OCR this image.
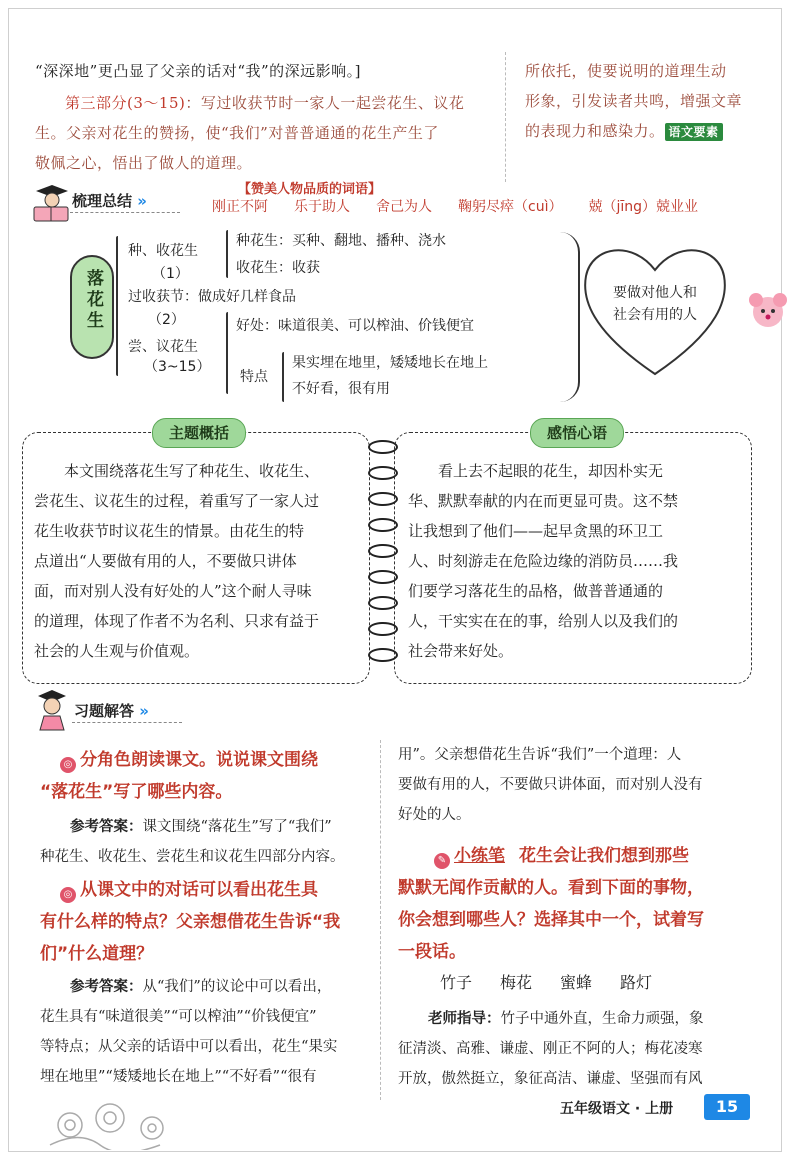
“深深地”更凸显了父亲的话对“我”的深远影响。]
第三部分(3～15)：写过收获节时一家人一起尝花生、议花
生。父亲对花生的赞扬，使“我们”对普普通通的花生产生了
敬佩之心，悟出了做人的道理。
所依托，使要说明的道理生动
形象，引发读者共鸣，增强文章
的表现力和感染力。 语文要素
梳理总结 »
【赞美人物品质的词语】
刚正不阿 乐于助人 舍己为人 鞠躬尽瘁（cuì） 兢（jīng）兢业业
落花生
种、收花生
（1）
种花生：买种、翻地、播种、浇水
收花生：收获
过收获节：做成好几样食品
（2）
尝、议花生
（3~15）
好处：味道很美、可以榨油、价钱便宜
特点
果实埋在地里，矮矮地长在地上
不好看，很有用
要做对他人和社会有用的人
主题概括	感悟心语
本文围绕落花生写了种花生、收花生、
尝花生、议花生的过程，着重写了一家人过
花生收获节时议花生的情景。由花生的特
点道出“人要做有用的人，不要做只讲体
面，而对别人没有好处的人”这个耐人寻味
的道理，体现了作者不为名利、只求有益于
社会的人生观与价值观。
看上去不起眼的花生，却因朴实无
华、默默奉献的内在而更显可贵。这不禁
让我想到了他们——起早贪黑的环卫工
人、时刻游走在危险边缘的消防员……我
们要学习落花生的品格，做普普通通的
人，干实实在在的事，给别人以及我们的
社会带来好处。
习题解答 »
◎ 分角色朗读课文。说说课文围绕
“落花生”写了哪些内容。
参考答案：课文围绕“落花生”写了“我们”
种花生、收花生、尝花生和议花生四部分内容。
◎ 从课文中的对话可以看出花生具
有什么样的特点？父亲想借花生告诉“我
们”什么道理？
参考答案：从“我们”的议论中可以看出，
花生具有“味道很美”“可以榨油”“价钱便宜”
等特点；从父亲的话语中可以看出，花生“果实
埋在地里”“矮矮地长在地上”“不好看”“很有
用”。父亲想借花生告诉“我们”一个道理：人
要做有用的人，不要做只讲体面，而对别人没有
好处的人。
✎ 小练笔 花生会让我们想到那些
默默无闻作贡献的人。看到下面的事物，
你会想到哪些人？选择其中一个，试着写
一段话。
竹子 梅花 蜜蜂 路灯
老师指导：竹子中通外直，生命力顽强，象
征清淡、高雅、谦虚、刚正不阿的人；梅花凌寒
开放，傲然挺立，象征高洁、谦虚、坚强而有风
五年级语文 · 上册	15
